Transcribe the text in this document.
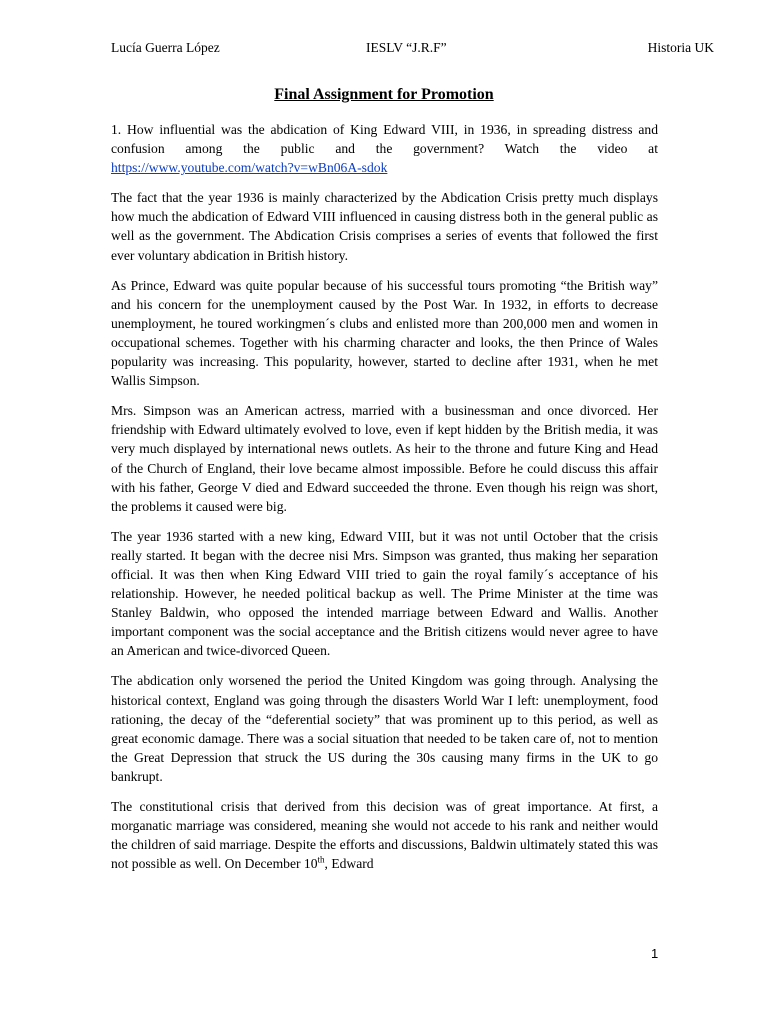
Lucía Guerra López	IESLV “J.R.F”	Historia UK
Final Assignment for Promotion

1. How influential was the abdication of King Edward VIII, in 1936, in spreading distress and confusion among the public and the government? Watch the video at https://www.youtube.com/watch?v=wBn06A-sdok

The fact that the year 1936 is mainly characterized by the Abdication Crisis pretty much displays how much the abdication of Edward VIII influenced in causing distress both in the general public as well as the government. The Abdication Crisis comprises a series of events that followed the first ever voluntary abdication in British history.

As Prince, Edward was quite popular because of his successful tours promoting “the British way” and his concern for the unemployment caused by the Post War. In 1932, in efforts to decrease unemployment, he toured workingmen´s clubs and enlisted more than 200,000 men and women in occupational schemes. Together with his charming character and looks, the then Prince of Wales popularity was increasing. This popularity, however, started to decline after 1931, when he met Wallis Simpson.

Mrs. Simpson was an American actress, married with a businessman and once divorced. Her friendship with Edward ultimately evolved to love, even if kept hidden by the British media, it was very much displayed by international news outlets. As heir to the throne and future King and Head of the Church of England, their love became almost impossible. Before he could discuss this affair with his father, George V died and Edward succeeded the throne. Even though his reign was short, the problems it caused were big.

The year 1936 started with a new king, Edward VIII, but it was not until October that the crisis really started. It began with the decree nisi Mrs. Simpson was granted, thus making her separation official. It was then when King Edward VIII tried to gain the royal family´s acceptance of his relationship. However, he needed political backup as well. The Prime Minister at the time was Stanley Baldwin, who opposed the intended marriage between Edward and Wallis. Another important component was the social acceptance and the British citizens would never agree to have an American and twice-divorced Queen.

The abdication only worsened the period the United Kingdom was going through. Analysing the historical context, England was going through the disasters World War I left: unemployment, food rationing, the decay of the “deferential society” that was prominent up to this period, as well as great economic damage. There was a social situation that needed to be taken care of, not to mention the Great Depression that struck the US during the 30s causing many firms in the UK to go bankrupt.

The constitutional crisis that derived from this decision was of great importance. At first, a morganatic marriage was considered, meaning she would not accede to his rank and neither would the children of said marriage. Despite the efforts and discussions, Baldwin ultimately stated this was not possible as well. On December 10th, Edward

1
